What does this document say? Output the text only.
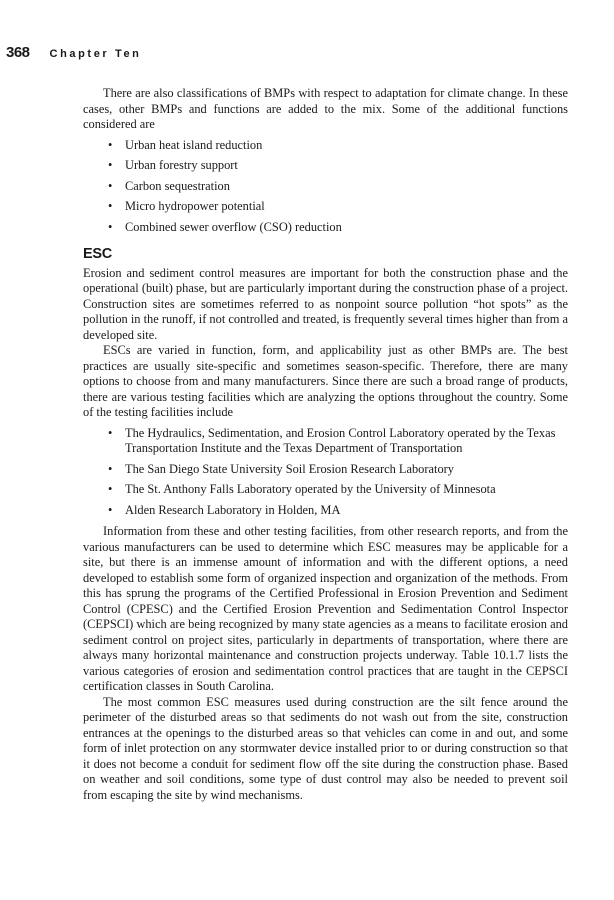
368 Chapter Ten

There are also classifications of BMPs with respect to adaptation for climate change. In these cases, other BMPs and functions are added to the mix. Some of the additional functions considered are

• Urban heat island reduction
• Urban forestry support
• Carbon sequestration
• Micro hydropower potential
• Combined sewer overflow (CSO) reduction
ESC

Erosion and sediment control measures are important for both the construction phase and the operational (built) phase, but are particularly important during the construction phase of a project. Construction sites are sometimes referred to as nonpoint source pollution “hot spots” as the pollution in the runoff, if not controlled and treated, is frequently several times higher than from a developed site.

ESCs are varied in function, form, and applicability just as other BMPs are. The best practices are usually site-specific and sometimes season-specific. Therefore, there are many options to choose from and many manufacturers. Since there are such a broad range of products, there are various testing facilities which are analyzing the options throughout the country. Some of the testing facilities include

• The Hydraulics, Sedimentation, and Erosion Control Laboratory operated by the Texas Transportation Institute and the Texas Department of Transportation
• The San Diego State University Soil Erosion Research Laboratory
• The St. Anthony Falls Laboratory operated by the University of Minnesota
• Alden Research Laboratory in Holden, MA

Information from these and other testing facilities, from other research reports, and from the various manufacturers can be used to determine which ESC measures may be applicable for a site, but there is an immense amount of information and with the different options, a need developed to establish some form of organized inspection and organization of the methods. From this has sprung the programs of the Certified Professional in Erosion Prevention and Sediment Control (CPESC) and the Certified Erosion Prevention and Sedimentation Control Inspector (CEPSCI) which are being recognized by many state agencies as a means to facilitate erosion and sediment control on project sites, particularly in departments of transportation, where there are always many horizontal maintenance and construction projects underway. Table 10.1.7 lists the various categories of erosion and sedimentation control practices that are taught in the CEPSCI certification classes in South Carolina.

The most common ESC measures used during construction are the silt fence around the perimeter of the disturbed areas so that sediments do not wash out from the site, construction entrances at the openings to the disturbed areas so that vehicles can come in and out, and some form of inlet protection on any stormwater device installed prior to or during construction so that it does not become a conduit for sediment flow off the site during the construction phase. Based on weather and soil conditions, some type of dust control may also be needed to prevent soil from escaping the site by wind mechanisms.
